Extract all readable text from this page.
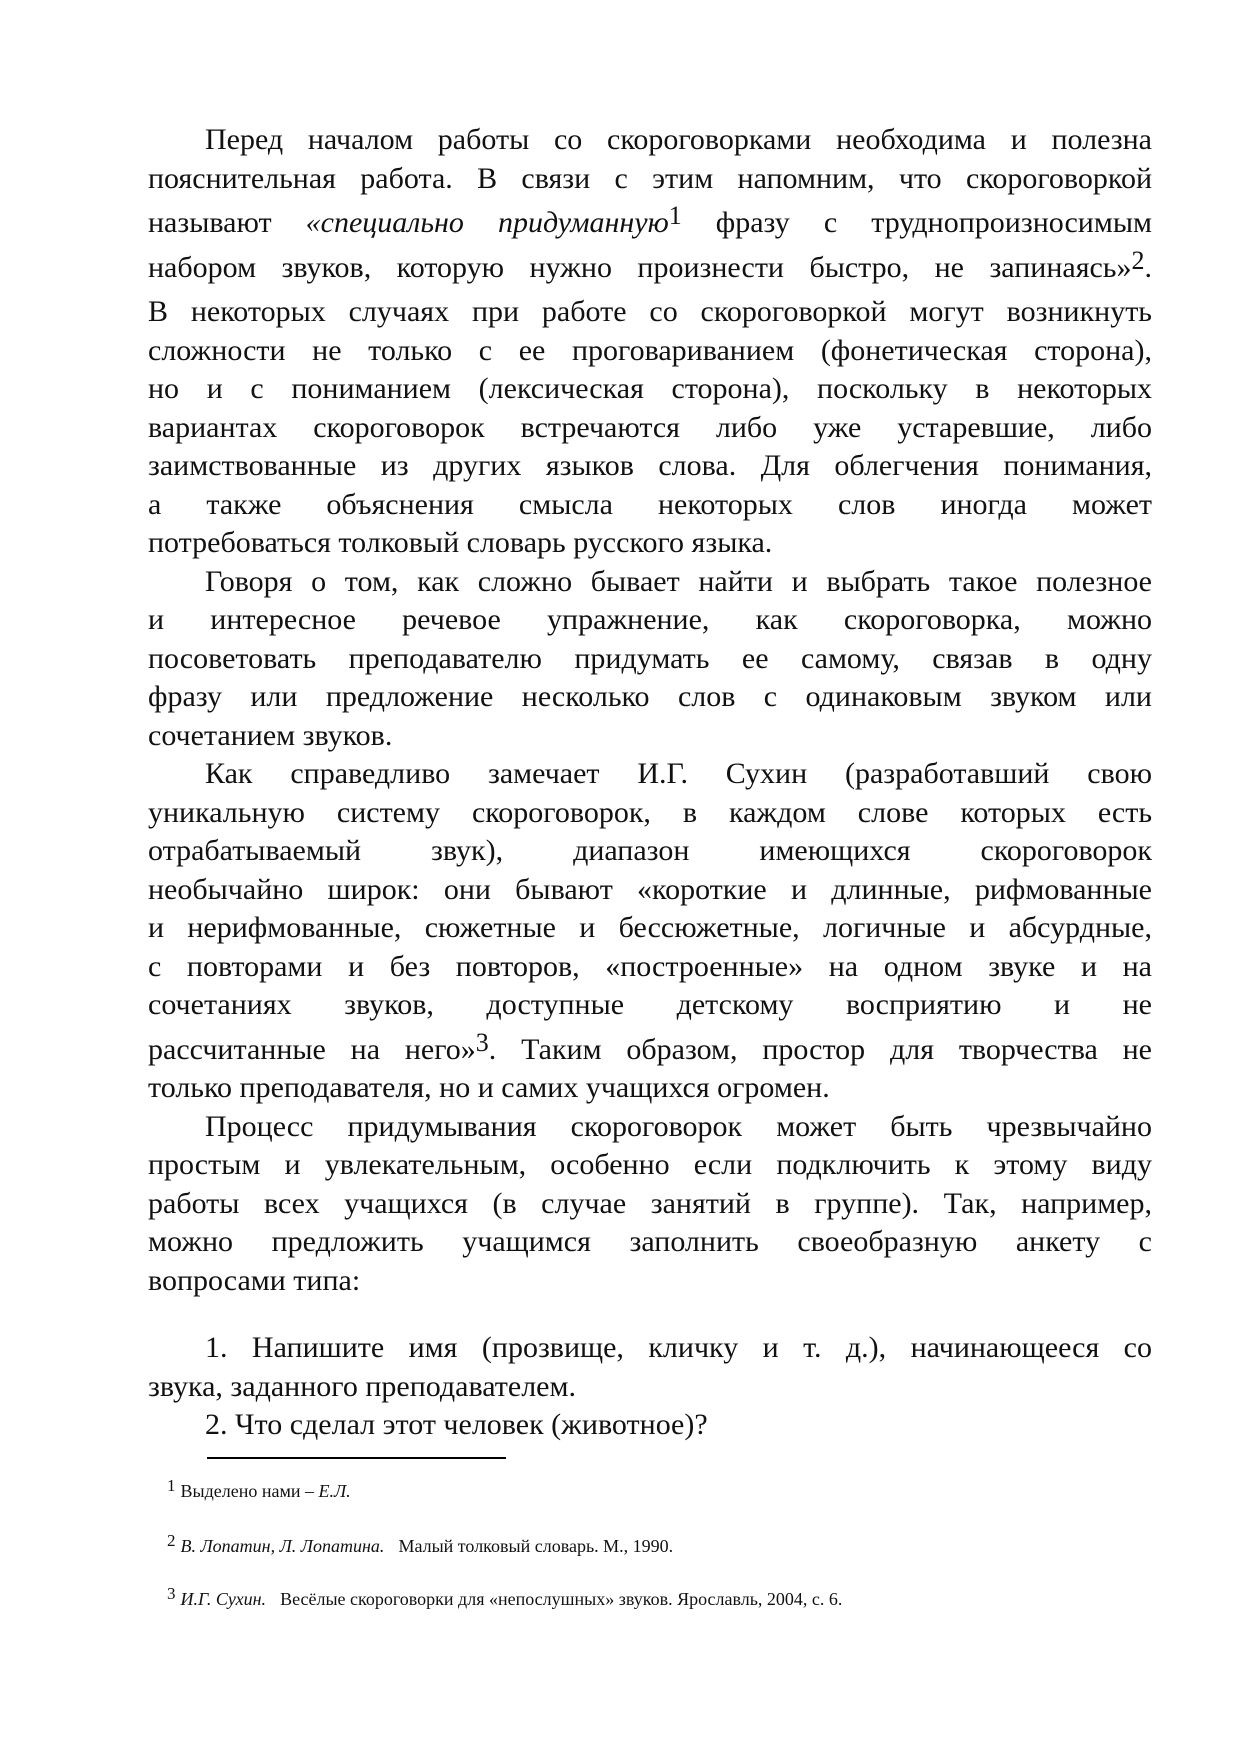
Перед началом работы со скороговорками необходима и полезна
пояснительная работа. В связи с этим напомним, что скороговоркой
называют «специально придуманную1 фразу с труднопроизносимым
набором звуков, которую нужно произнести быстро, не запинаясь»2.
В некоторых случаях при работе со скороговоркой могут возникнуть
сложности не только с ее проговариванием (фонетическая сторона),
но и с пониманием (лексическая сторона), поскольку в некоторых
вариантах скороговорок встречаются либо уже устаревшие, либо
заимствованные из других языков слова. Для облегчения понимания,
а также объяснения смысла некоторых слов иногда может
потребоваться толковый словарь русского языка.
Говоря о том, как сложно бывает найти и выбрать такое полезное
и интересное речевое упражнение, как скороговорка, можно
посоветовать преподавателю придумать ее самому, связав в одну
фразу или предложение несколько слов с одинаковым звуком или
сочетанием звуков.
Как справедливо замечает И.Г. Сухин (разработавший свою
уникальную систему скороговорок, в каждом слове которых есть
отрабатываемый звук), диапазон имеющихся скороговорок
необычайно широк: они бывают «короткие и длинные, рифмованные
и нерифмованные, сюжетные и бессюжетные, логичные и абсурдные,
с повторами и без повторов, «построенные» на одном звуке и на
сочетаниях звуков, доступные детскому восприятию и не
рассчитанные на него»3. Таким образом, простор для творчества не
только преподавателя, но и самих учащихся огромен.
Процесс придумывания скороговорок может быть чрезвычайно
простым и увлекательным, особенно если подключить к этому виду
работы всех учащихся (в случае занятий в группе). Так, например,
можно предложить учащимся заполнить своеобразную анкету с
вопросами типа:
1. Напишите имя (прозвище, кличку и т. д.), начинающееся со
звука, заданного преподавателем.
2. Что сделал этот человек (животное)?
1 Выделено нами – Е.Л.
2 В. Лопатин, Л. Лопатина. Малый толковый словарь. М., 1990.
3 И.Г. Сухин. Весёлые скороговорки для «непослушных» звуков. Ярославль, 2004, с. 6.
